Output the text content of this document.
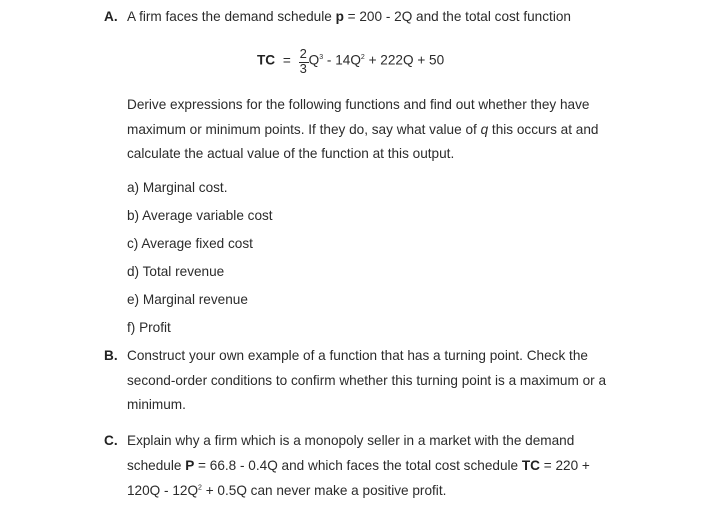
A. A firm faces the demand schedule p = 200 - 2Q and the total cost function
TC = $\frac{2}{3} Q^3 - 14Q^2 + 222Q + 50$
Derive expressions for the following functions and find out whether they have
maximum or minimum points. If they do, say what value of q this occurs at and
calculate the actual value of the function at this output.
a) Marginal cost.
b) Average variable cost
c) Average fixed cost
d) Total revenue
e) Marginal revenue
f) Profit
B. Construct your own example of a function that has a turning point. Check the
second-order conditions to confirm whether this turning point is a maximum or a
minimum.
C. Explain why a firm which is a monopoly seller in a market with the demand
schedule P = 66.8 - 0.4Q and which faces the total cost schedule TC = 220 +
$120Q - 12Q^2 + 0.5Q$ can never make a positive profit.
